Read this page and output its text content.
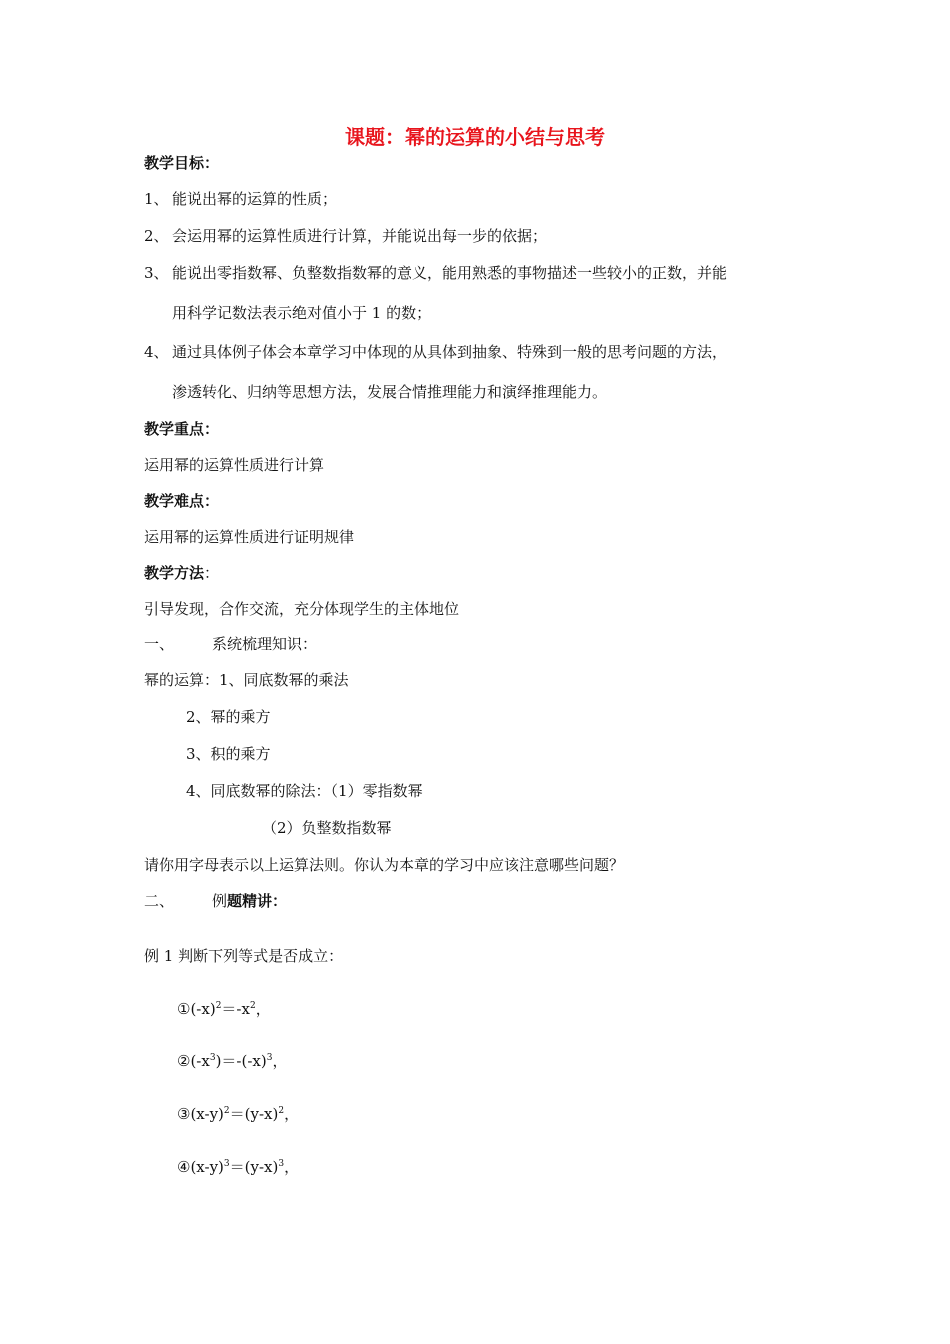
课题：幂的运算的小结与思考
教学目标：
1、 能说出幂的运算的性质；
2、 会运用幂的运算性质进行计算，并能说出每一步的依据；
3、 能说出零指数幂、负整数指数幂的意义，能用熟悉的事物描述一些较小的正数，并能
用科学记数法表示绝对值小于 1 的数；
4、 通过具体例子体会本章学习中体现的从具体到抽象、特殊到一般的思考问题的方法，
渗透转化、归纳等思想方法，发展合情推理能力和演绎推理能力。
教学重点：
运用幂的运算性质进行计算
教学难点：
运用幂的运算性质进行证明规律
教学方法：
引导发现，合作交流，充分体现学生的主体地位
一、	系统梳理知识：
幂的运算：1、同底数幂的乘法
2、幂的乘方
3、积的乘方
4、同底数幂的除法：（1）零指数幂
（2）负整数指数幂
请你用字母表示以上运算法则。你认为本章的学习中应该注意哪些问题？
二、	例题精讲：
例 1 判断下列等式是否成立：
$①(-x)^2=-x^2$，
$②(-x^3)=-(-x)^3$，
$③(x-y)^2=(y-x)^2$，
$④(x-y)^3=(y-x)^3$，
